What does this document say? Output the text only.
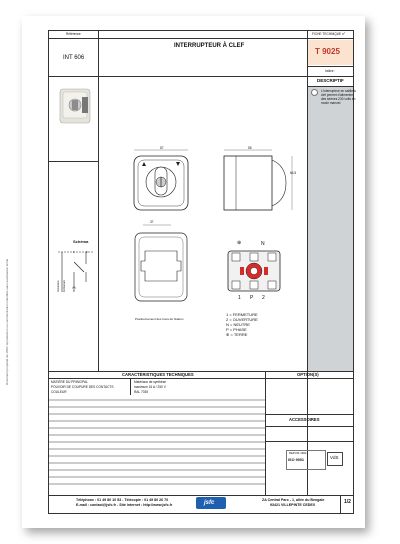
Document propriété de JSFC reproduction ou communication interdites sans autorisation écrite
Référence
INT 606
INTERRUPTEUR À CLEF
FICHE TECHNIQUE n°
T 9025
Indice :
DESCRIPTIF
L'interrupteur en saillie à
clef permet d'alimenter
des sirènes 230 volts en
mode manuel.
Schéma
1	2
P
Ouverture Fermeture
57	55
64.5
37
Positionnement des trous de fixation
⊕	N
1 P 2
1 = FERMETURE
2 = OUVERTURE
N = NEUTRE
P = PHASE
⊕ = TERRE
CARACTÉRISTIQUES TECHNIQUES	OPTION(S)
MATIÈRE DU PRINCIPAL	Matériaux de synthèse
POUVOIR DE COUPURE DES CONTACTS	maximum 16 A / 250 V
COULEUR	RAL 7035
ACCESSOIRES
DEPUIS 1994
ISO 9001	VdS
Téléphone : 01 49 80 10 53 - Télécopie : 01 49 80 26 70
E-mail : contact@jsfc.fr - Site internet : http://www.jsfc.fr	jsfc	ZA Central Parc - 1, allée du Bengale
93421 VILLEPINTE CEDEX	1/2
